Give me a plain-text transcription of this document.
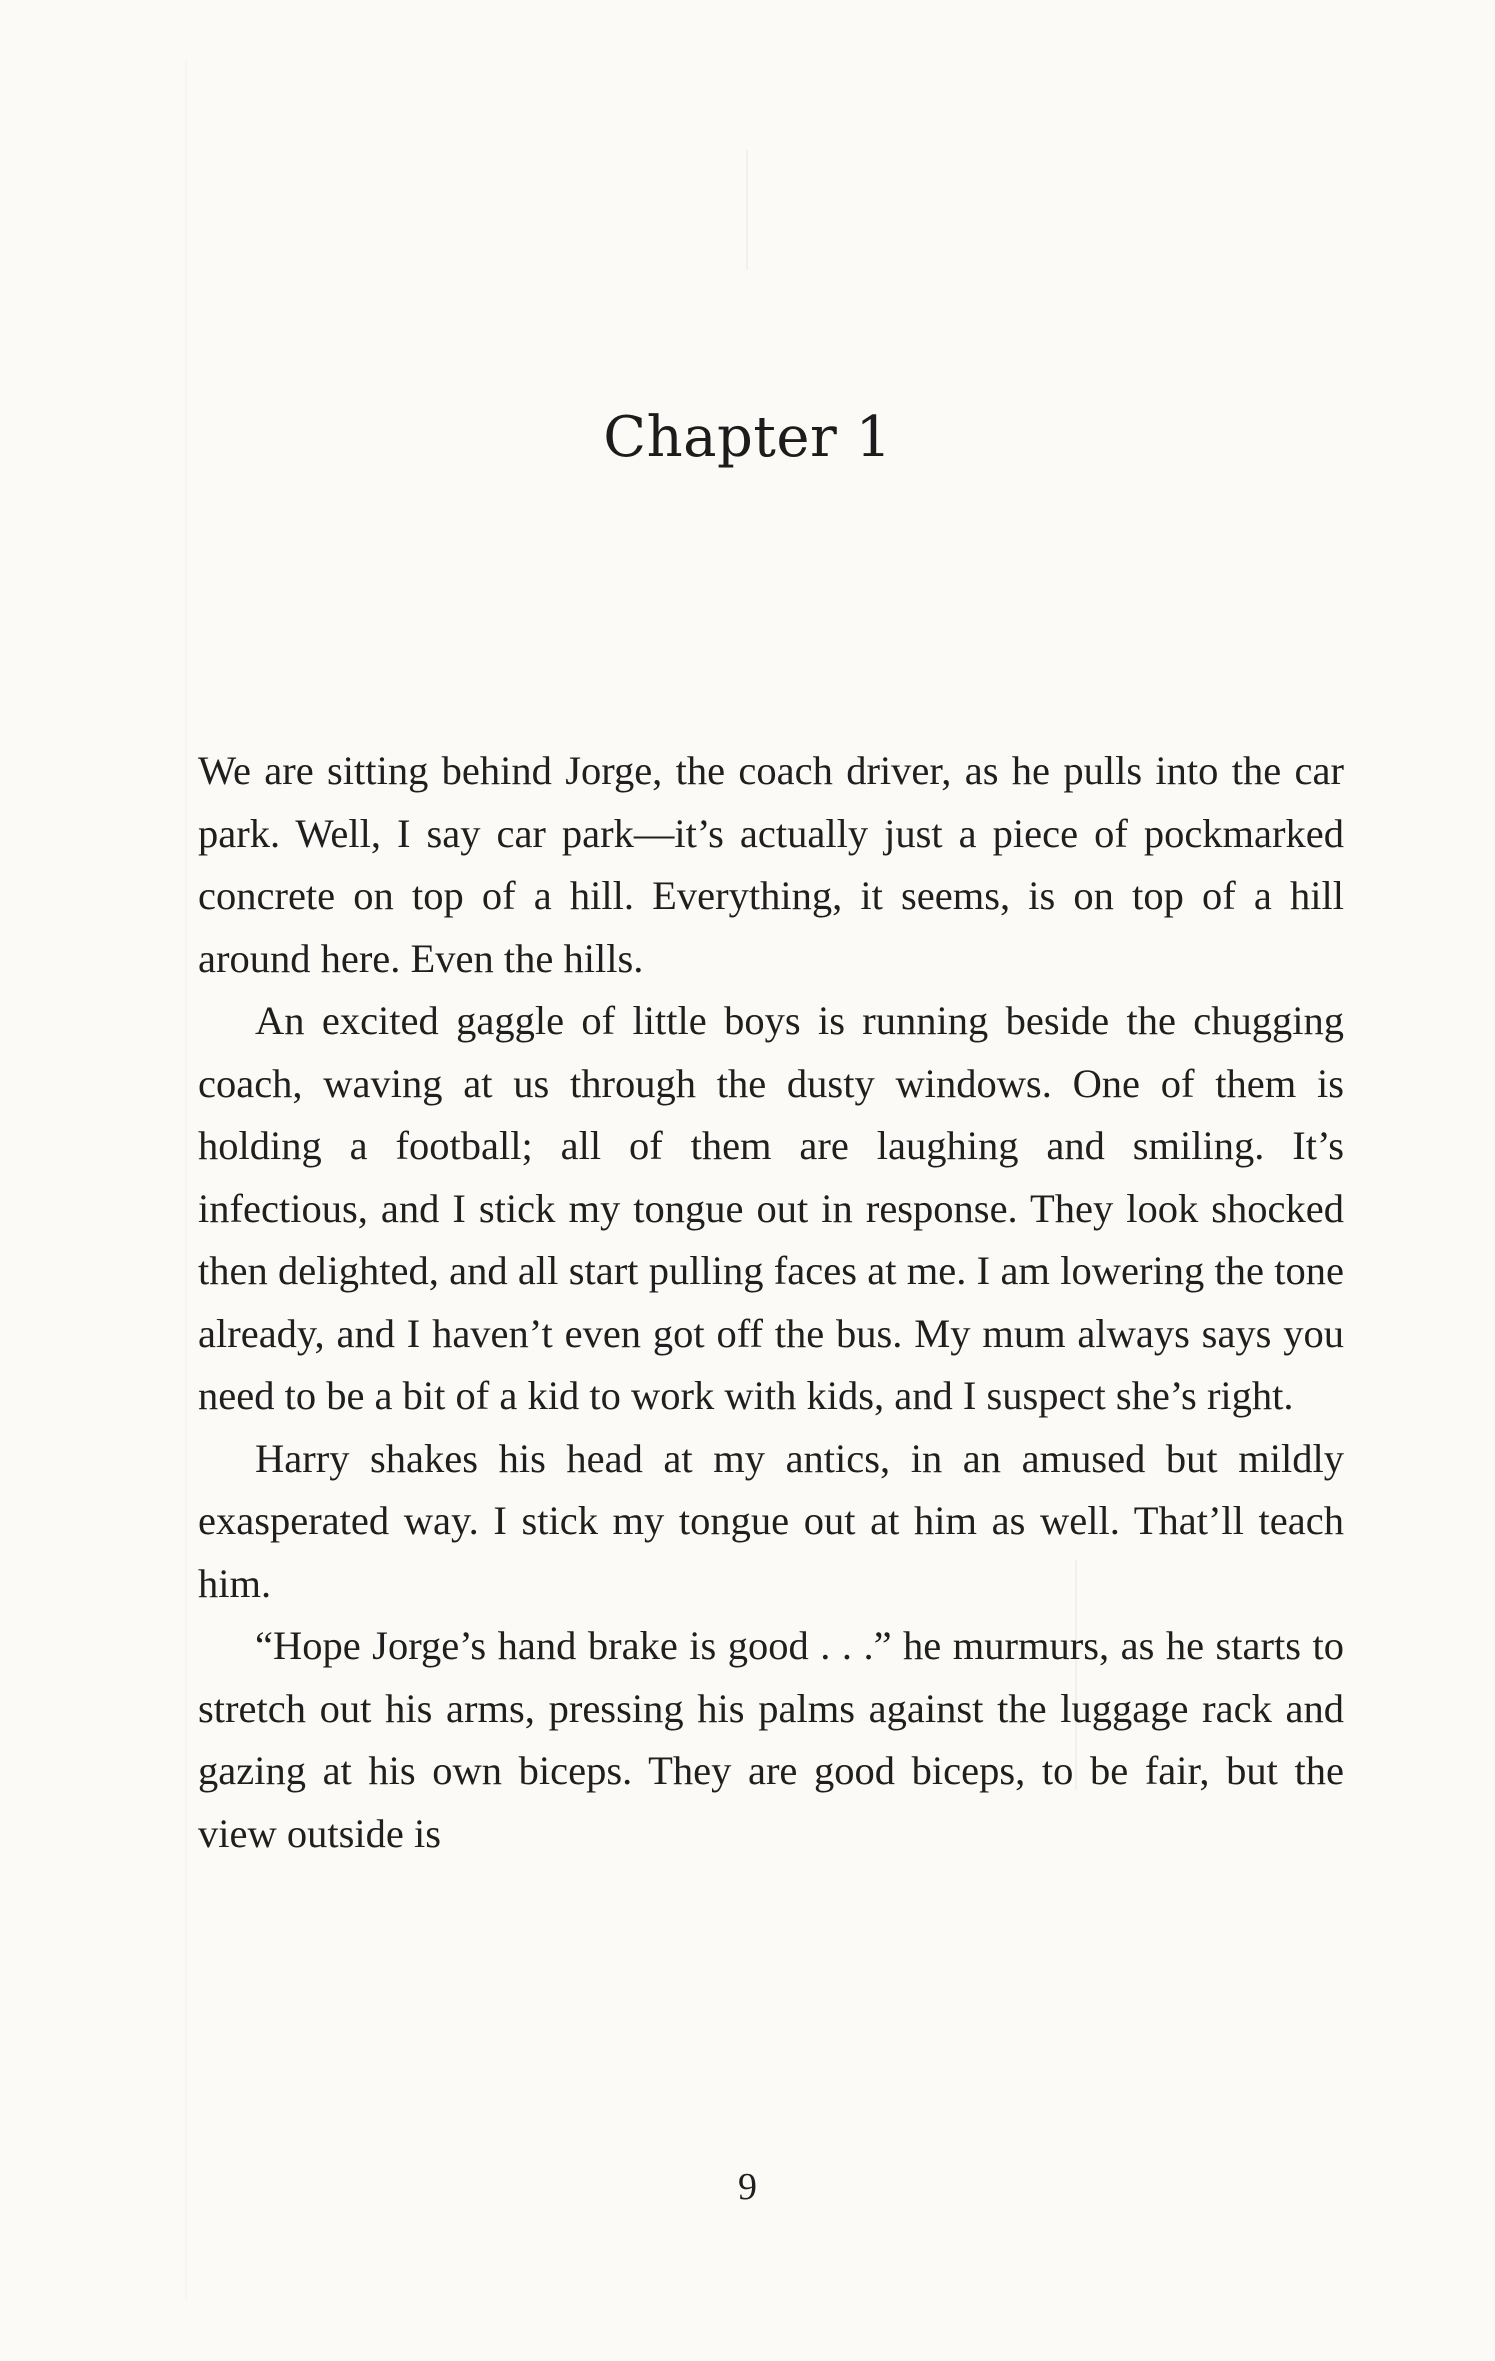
Chapter 1

We are sitting behind Jorge, the coach driver, as he pulls into the car park. Well, I say car park—it’s actually just a piece of pockmarked concrete on top of a hill. Everything, it seems, is on top of a hill around here. Even the hills.

An excited gaggle of little boys is running beside the chugging coach, waving at us through the dusty windows. One of them is holding a football; all of them are laughing and smiling. It’s infectious, and I stick my tongue out in response. They look shocked then delighted, and all start pulling faces at me. I am lowering the tone already, and I haven’t even got off the bus. My mum always says you need to be a bit of a kid to work with kids, and I suspect she’s right.

Harry shakes his head at my antics, in an amused but mildly exasperated way. I stick my tongue out at him as well. That’ll teach him.

“Hope Jorge’s hand brake is good . . .” he murmurs, as he starts to stretch out his arms, pressing his palms against the luggage rack and gazing at his own biceps. They are good biceps, to be fair, but the view outside is

9
